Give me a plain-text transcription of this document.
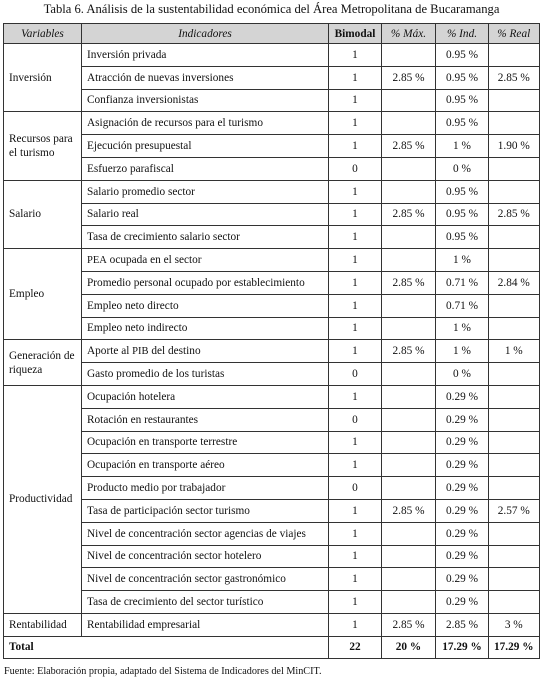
Tabla 6. Análisis de la sustentabilidad económica del Área Metropolitana de Bucaramanga
Variables	Indicadores	Bimodal	% Máx.	% Ind.	% Real
Inversión	Inversión privada	1		0.95 %	
	Atracción de nuevas inversiones	1	2.85 %	0.95 %	2.85 %
	Confianza inversionistas	1		0.95 %	
Recursos para el turismo	Asignación de recursos para el turismo	1		0.95 %	
	Ejecución presupuestal	1	2.85 %	1 %	1.90 %
	Esfuerzo parafiscal	0		0 %	
Salario	Salario promedio sector	1		0.95 %	
	Salario real	1	2.85 %	0.95 %	2.85 %
	Tasa de crecimiento salario sector	1		0.95 %	
Empleo	PEA ocupada en el sector	1		1 %	
	Promedio personal ocupado por establecimiento	1	2.85 %	0.71 %	2.84 %
	Empleo neto directo	1		0.71 %	
	Empleo neto indirecto	1		1 %	
Generación de riqueza	Aporte al PIB del destino	1	2.85 %	1 %	1 %
	Gasto promedio de los turistas	0		0 %	
Productividad	Ocupación hotelera	1		0.29 %	
	Rotación en restaurantes	0		0.29 %	
	Ocupación en transporte terrestre	1		0.29 %	
	Ocupación en transporte aéreo	1		0.29 %	
	Producto medio por trabajador	0		0.29 %	
	Tasa de participación sector turismo	1	2.85 %	0.29 %	2.57 %
	Nivel de concentración sector agencias de viajes	1		0.29 %	
	Nivel de concentración sector hotelero	1		0.29 %	
	Nivel de concentración sector gastronómico	1		0.29 %	
	Tasa de crecimiento del sector turístico	1		0.29 %	
Rentabilidad	Rentabilidad empresarial	1	2.85 %	2.85 %	3 %
Total		22	20 %	17.29 %	17.29 %
Fuente: Elaboración propia, adaptado del Sistema de Indicadores del MinCIT.
